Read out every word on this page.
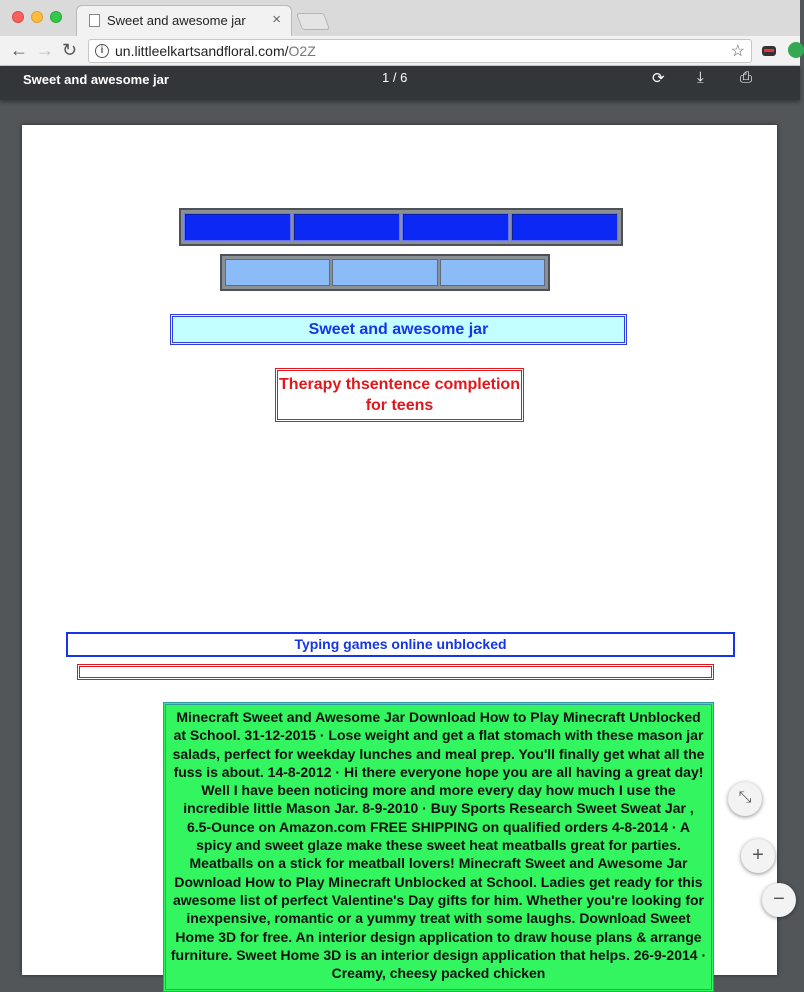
Sweet and awesome jar ×
← → ↻	i un.littleelkartsandfloral.com/O2Z	☆
Sweet and awesome jar	1 / 6	⟳ ⤓ ⎙
Sweet and awesome jar
Therapy thsentence completion
for teens
Typing games online unblocked
Minecraft Sweet and Awesome Jar Download How to Play Minecraft Unblocked at School. 31-12-2015 · Lose weight and get a flat stomach with these mason jar salads, perfect for weekday lunches and meal prep. You'll finally get what all the fuss is about. 14-8-2012 · Hi there everyone hope you are all having a great day! Well I have been noticing more and more every day how much I use the incredible little Mason Jar. 8-9-2010 · Buy Sports Research Sweet Sweat Jar , 6.5-Ounce on Amazon.com FREE SHIPPING on qualified orders 4-8-2014 · A spicy and sweet glaze make these sweet heat meatballs great for parties. Meatballs on a stick for meatball lovers! Minecraft Sweet and Awesome Jar Download How to Play Minecraft Unblocked at School. Ladies get ready for this awesome list of perfect Valentine's Day gifts for him. Whether you're looking for inexpensive, romantic or a yummy treat with some laughs. Download Sweet Home 3D for free. An interior design application to draw house plans & arrange furniture. Sweet Home 3D is an interior design application that helps. 26-9-2014 · Creamy, cheesy packed chicken
⤡
+
−
